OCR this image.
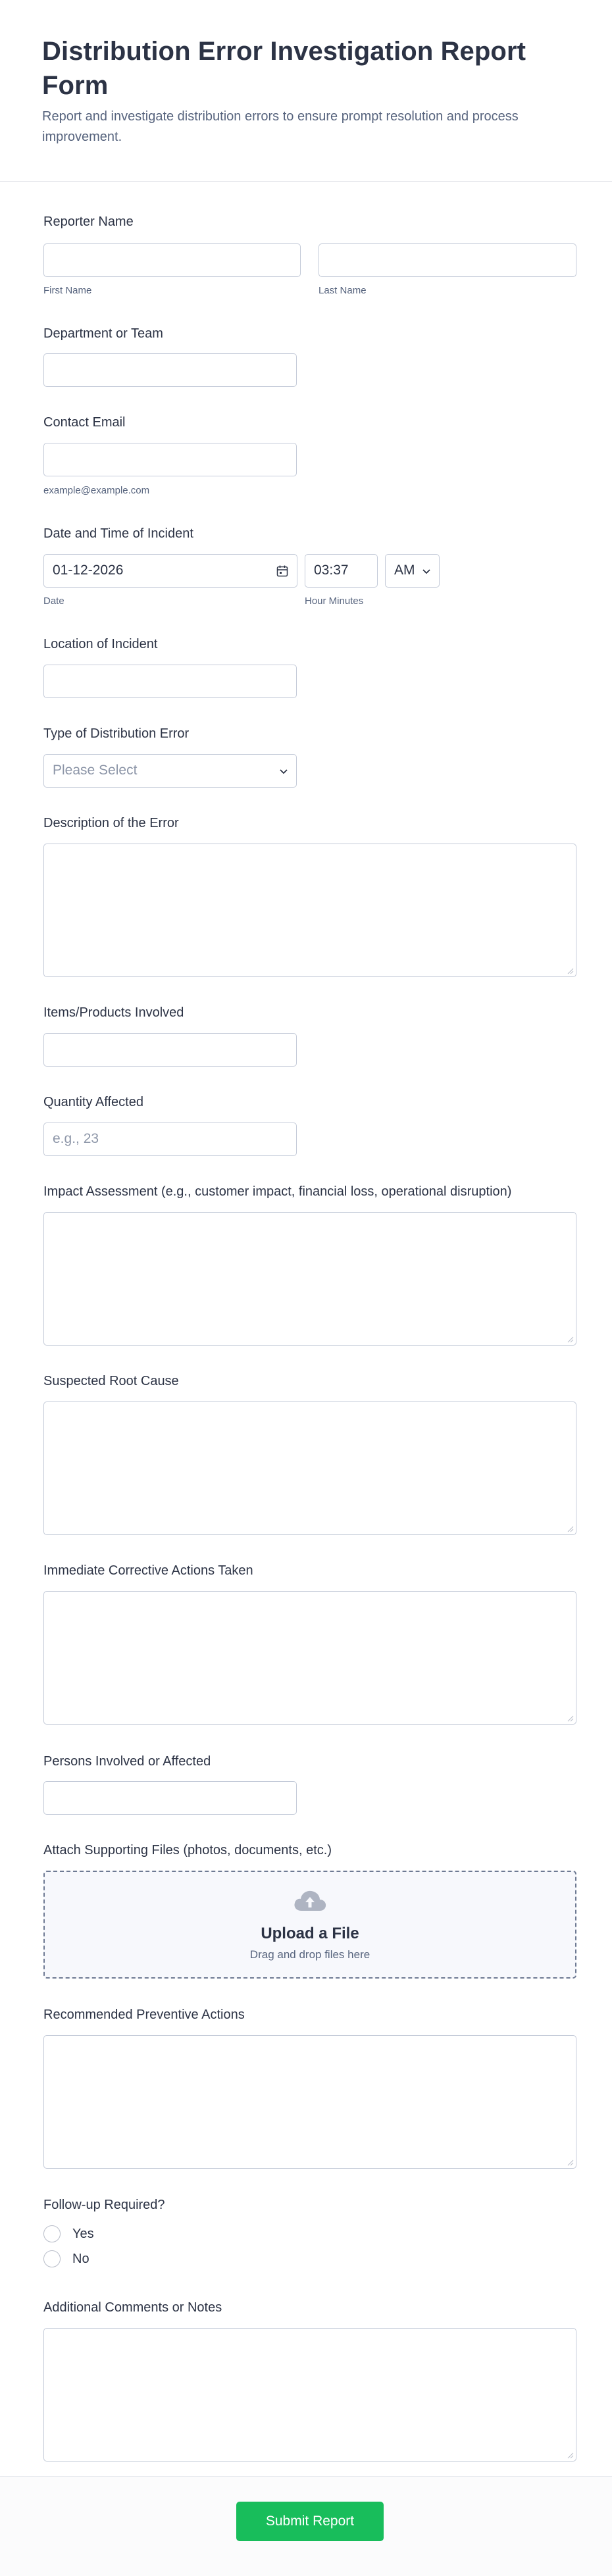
Distribution Error Investigation Report Form

Report and investigate distribution errors to ensure prompt resolution and process improvement.

Reporter Name
First Name	Last Name
Department or Team
Contact Email
example@example.com
Date and Time of Incident
01-12-2026
Date
03:37
Hour Minutes
AM
Location of Incident
Type of Distribution Error
Please Select
Description of the Error
Items/Products Involved
Quantity Affected
e.g., 23
Impact Assessment (e.g., customer impact, financial loss, operational disruption)
Suspected Root Cause
Immediate Corrective Actions Taken
Persons Involved or Affected
Attach Supporting Files (photos, documents, etc.)
Upload a File
Drag and drop files here
Recommended Preventive Actions
Follow-up Required?
Yes
No
Additional Comments or Notes
Submit Report
